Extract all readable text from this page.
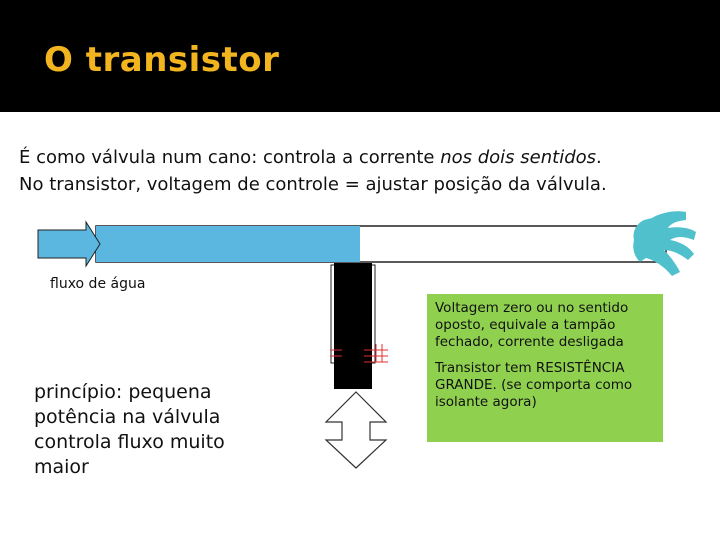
O transistor

É como válvula num cano: controla a corrente nos dois sentidos.

No transistor, voltagem de controle = ajustar posição da válvula.

fluxo de água
princípio: pequena potência na válvula controla fluxo muito maior

Voltagem zero ou no sentido oposto, equivale a tampão fechado, corrente desligada

Transistor tem RESISTÊNCIA GRANDE. (se comporta como isolante agora)
